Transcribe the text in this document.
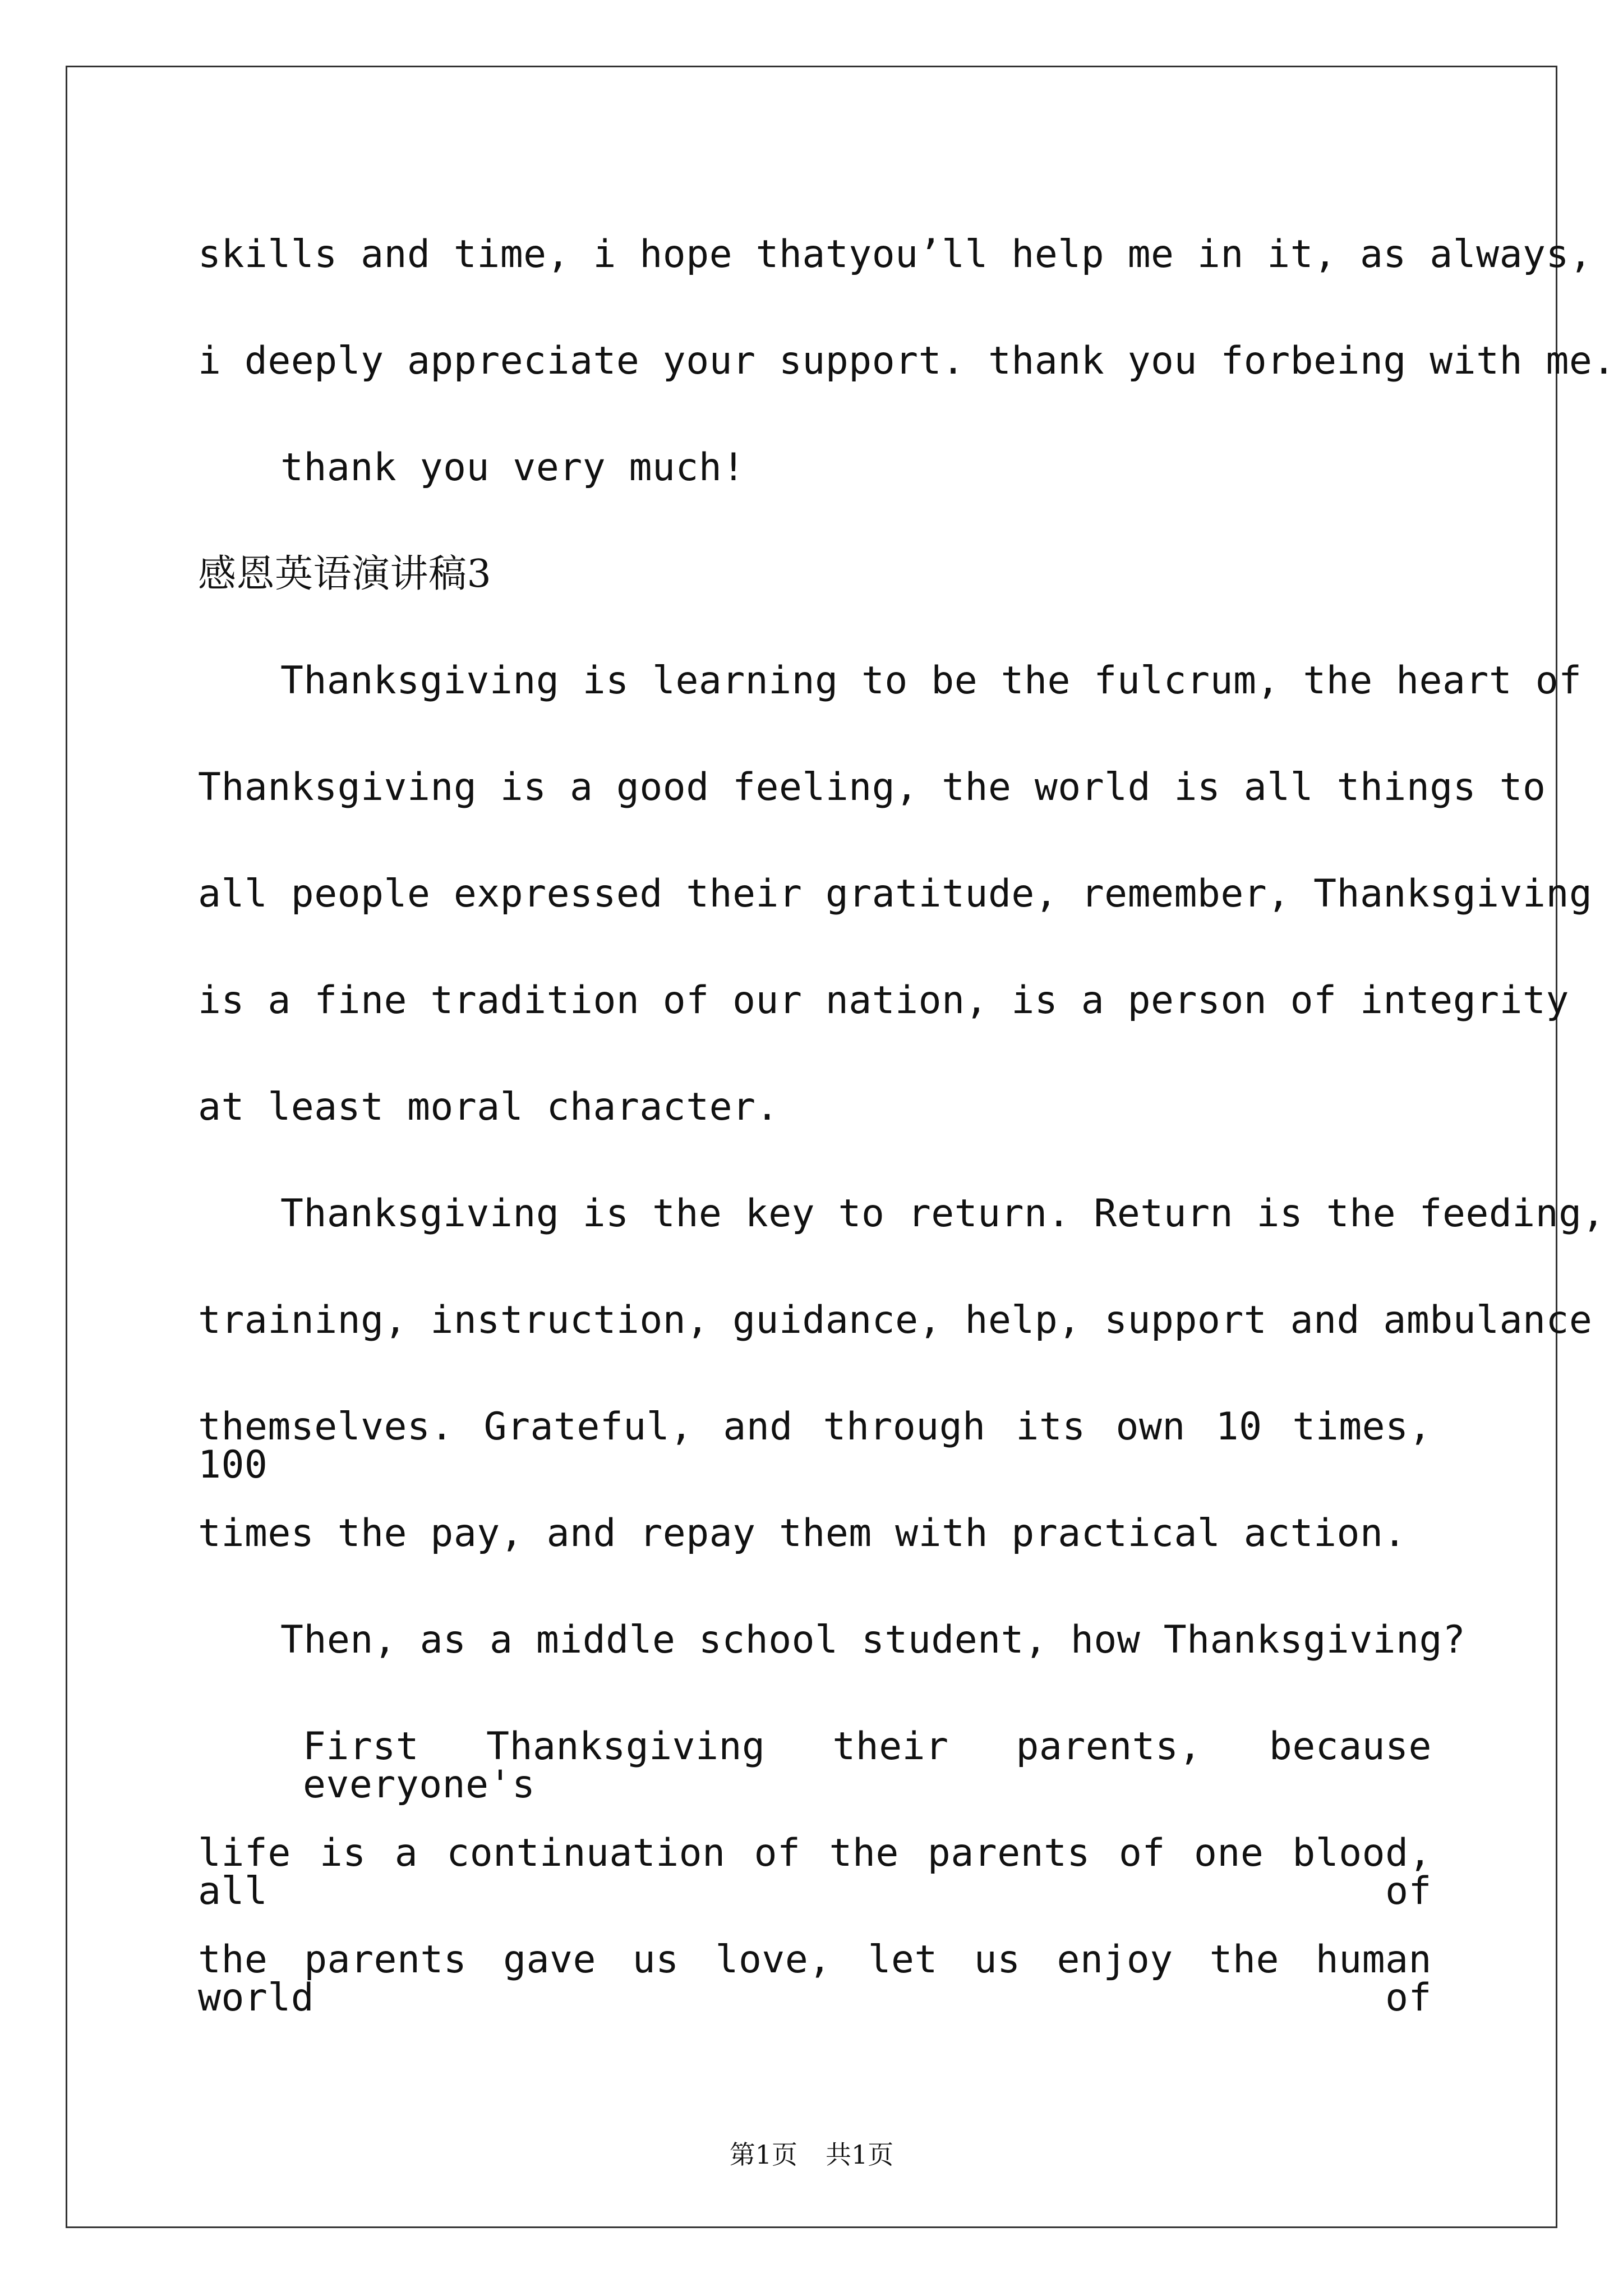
skills and time, i hope thatyou’ll help me in it, as always,
i deeply appreciate your support. thank you forbeing with me.
thank you very much!
感恩英语演讲稿3
Thanksgiving is learning to be the fulcrum, the heart of
Thanksgiving is a good feeling, the world is all things to
all people expressed their gratitude, remember, Thanksgiving
is a fine tradition of our nation, is a person of integrity
at least moral character.
Thanksgiving is the key to return. Return is the feeding,
training, instruction, guidance, help, support and ambulance
themselves. Grateful, and through its own 10 times, 100
times the pay, and repay them with practical action.
Then, as a middle school student, how Thanksgiving?
First Thanksgiving their parents, because everyone's
life is a continuation of the parents of one blood, all of
the parents gave us love, let us enjoy the human world of
第1页 共1页
